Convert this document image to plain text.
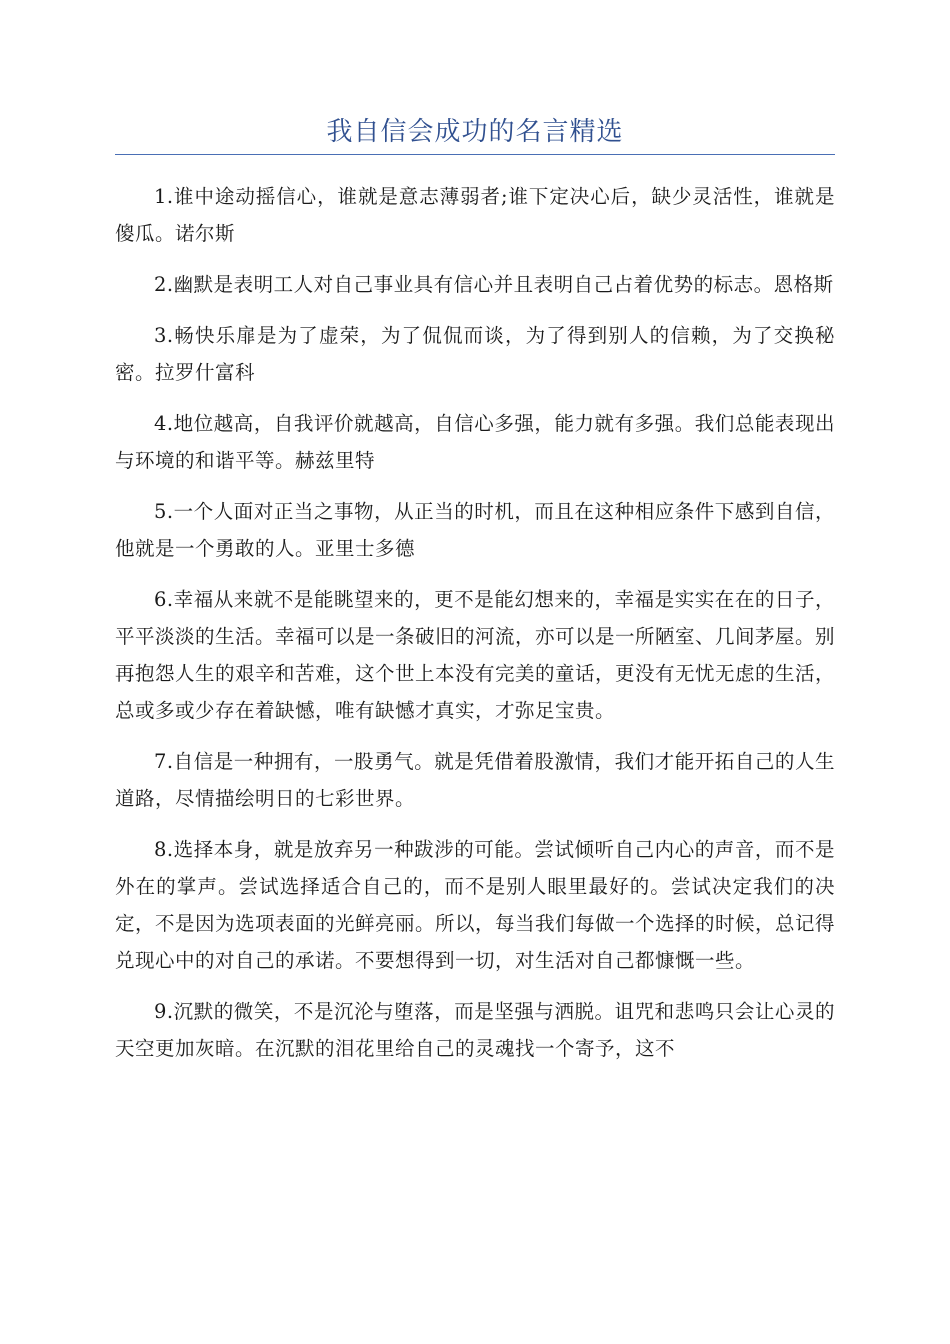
我自信会成功的名言精选

1.谁中途动摇信心，谁就是意志薄弱者;谁下定决心后，缺少灵活性，谁就是傻瓜。诺尔斯

2.幽默是表明工人对自己事业具有信心并且表明自己占着优势的标志。恩格斯

3.畅快乐扉是为了虚荣，为了侃侃而谈，为了得到别人的信赖，为了交换秘密。拉罗什富科

4.地位越高，自我评价就越高，自信心多强，能力就有多强。我们总能表现出与环境的和谐平等。赫兹里特

5.一个人面对正当之事物，从正当的时机，而且在这种相应条件下感到自信，他就是一个勇敢的人。亚里士多德

6.幸福从来就不是能眺望来的，更不是能幻想来的，幸福是实实在在的日子，平平淡淡的生活。幸福可以是一条破旧的河流，亦可以是一所陋室、几间茅屋。别再抱怨人生的艰辛和苦难，这个世上本没有完美的童话，更没有无忧无虑的生活，总或多或少存在着缺憾，唯有缺憾才真实，才弥足宝贵。

7.自信是一种拥有，一股勇气。就是凭借着股激情，我们才能开拓自己的人生道路，尽情描绘明日的七彩世界。

8.选择本身，就是放弃另一种跋涉的可能。尝试倾听自己内心的声音，而不是外在的掌声。尝试选择适合自己的，而不是别人眼里最好的。尝试决定我们的决定，不是因为选项表面的光鲜亮丽。所以，每当我们每做一个选择的时候，总记得兑现心中的对自己的承诺。不要想得到一切，对生活对自己都慷慨一些。

9.沉默的微笑，不是沉沦与堕落，而是坚强与洒脱。诅咒和悲鸣只会让心灵的天空更加灰暗。在沉默的泪花里给自己的灵魂找一个寄予，这不
